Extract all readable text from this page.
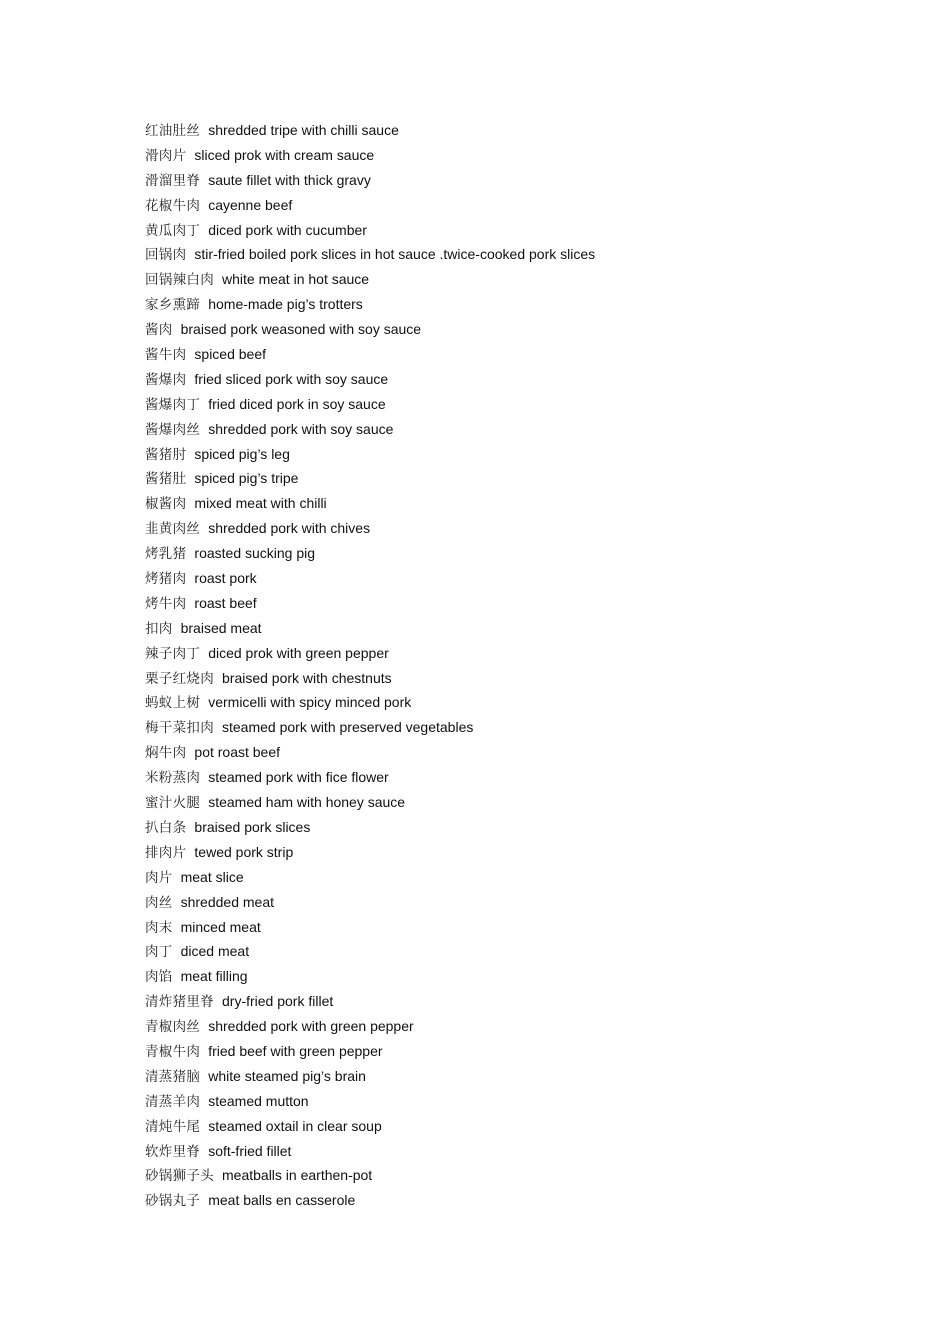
红油肚丝 shredded tripe with chilli sauce
滑肉片 sliced prok with cream sauce
滑溜里脊 saute fillet with thick gravy
花椒牛肉 cayenne beef
黄瓜肉丁 diced pork with cucumber
回锅肉 stir-fried boiled pork slices in hot sauce .twice-cooked pork slices
回锅辣白肉 white meat in hot sauce
家乡熏蹄 home-made pig’s trotters
酱肉 braised pork weasoned with soy sauce
酱牛肉 spiced beef
酱爆肉 fried sliced pork with soy sauce
酱爆肉丁 fried diced pork in soy sauce
酱爆肉丝 shredded pork with soy sauce
酱猪肘 spiced pig’s leg
酱猪肚 spiced pig’s tripe
椒酱肉 mixed meat with chilli
韭黄肉丝 shredded pork with chives
烤乳猪 roasted sucking pig
烤猪肉 roast pork
烤牛肉 roast beef
扣肉 braised meat
辣子肉丁 diced prok with green pepper
栗子红烧肉 braised pork with chestnuts
蚂蚁上树 vermicelli with spicy minced pork
梅干菜扣肉 steamed pork with preserved vegetables
焖牛肉 pot roast beef
米粉蒸肉 steamed pork with fice flower
蜜汁火腿 steamed ham with honey sauce
扒白条 braised pork slices
排肉片 tewed pork strip
肉片 meat slice
肉丝 shredded meat
肉末 minced meat
肉丁 diced meat
肉馅 meat filling
清炸猪里脊 dry-fried pork fillet
青椒肉丝 shredded pork with green pepper
青椒牛肉 fried beef with green pepper
清蒸猪脑 white steamed pig’s brain
清蒸羊肉 steamed mutton
清炖牛尾 steamed oxtail in clear soup
软炸里脊 soft-fried fillet
砂锅狮子头 meatballs in earthen-pot
砂锅丸子 meat balls en casserole
